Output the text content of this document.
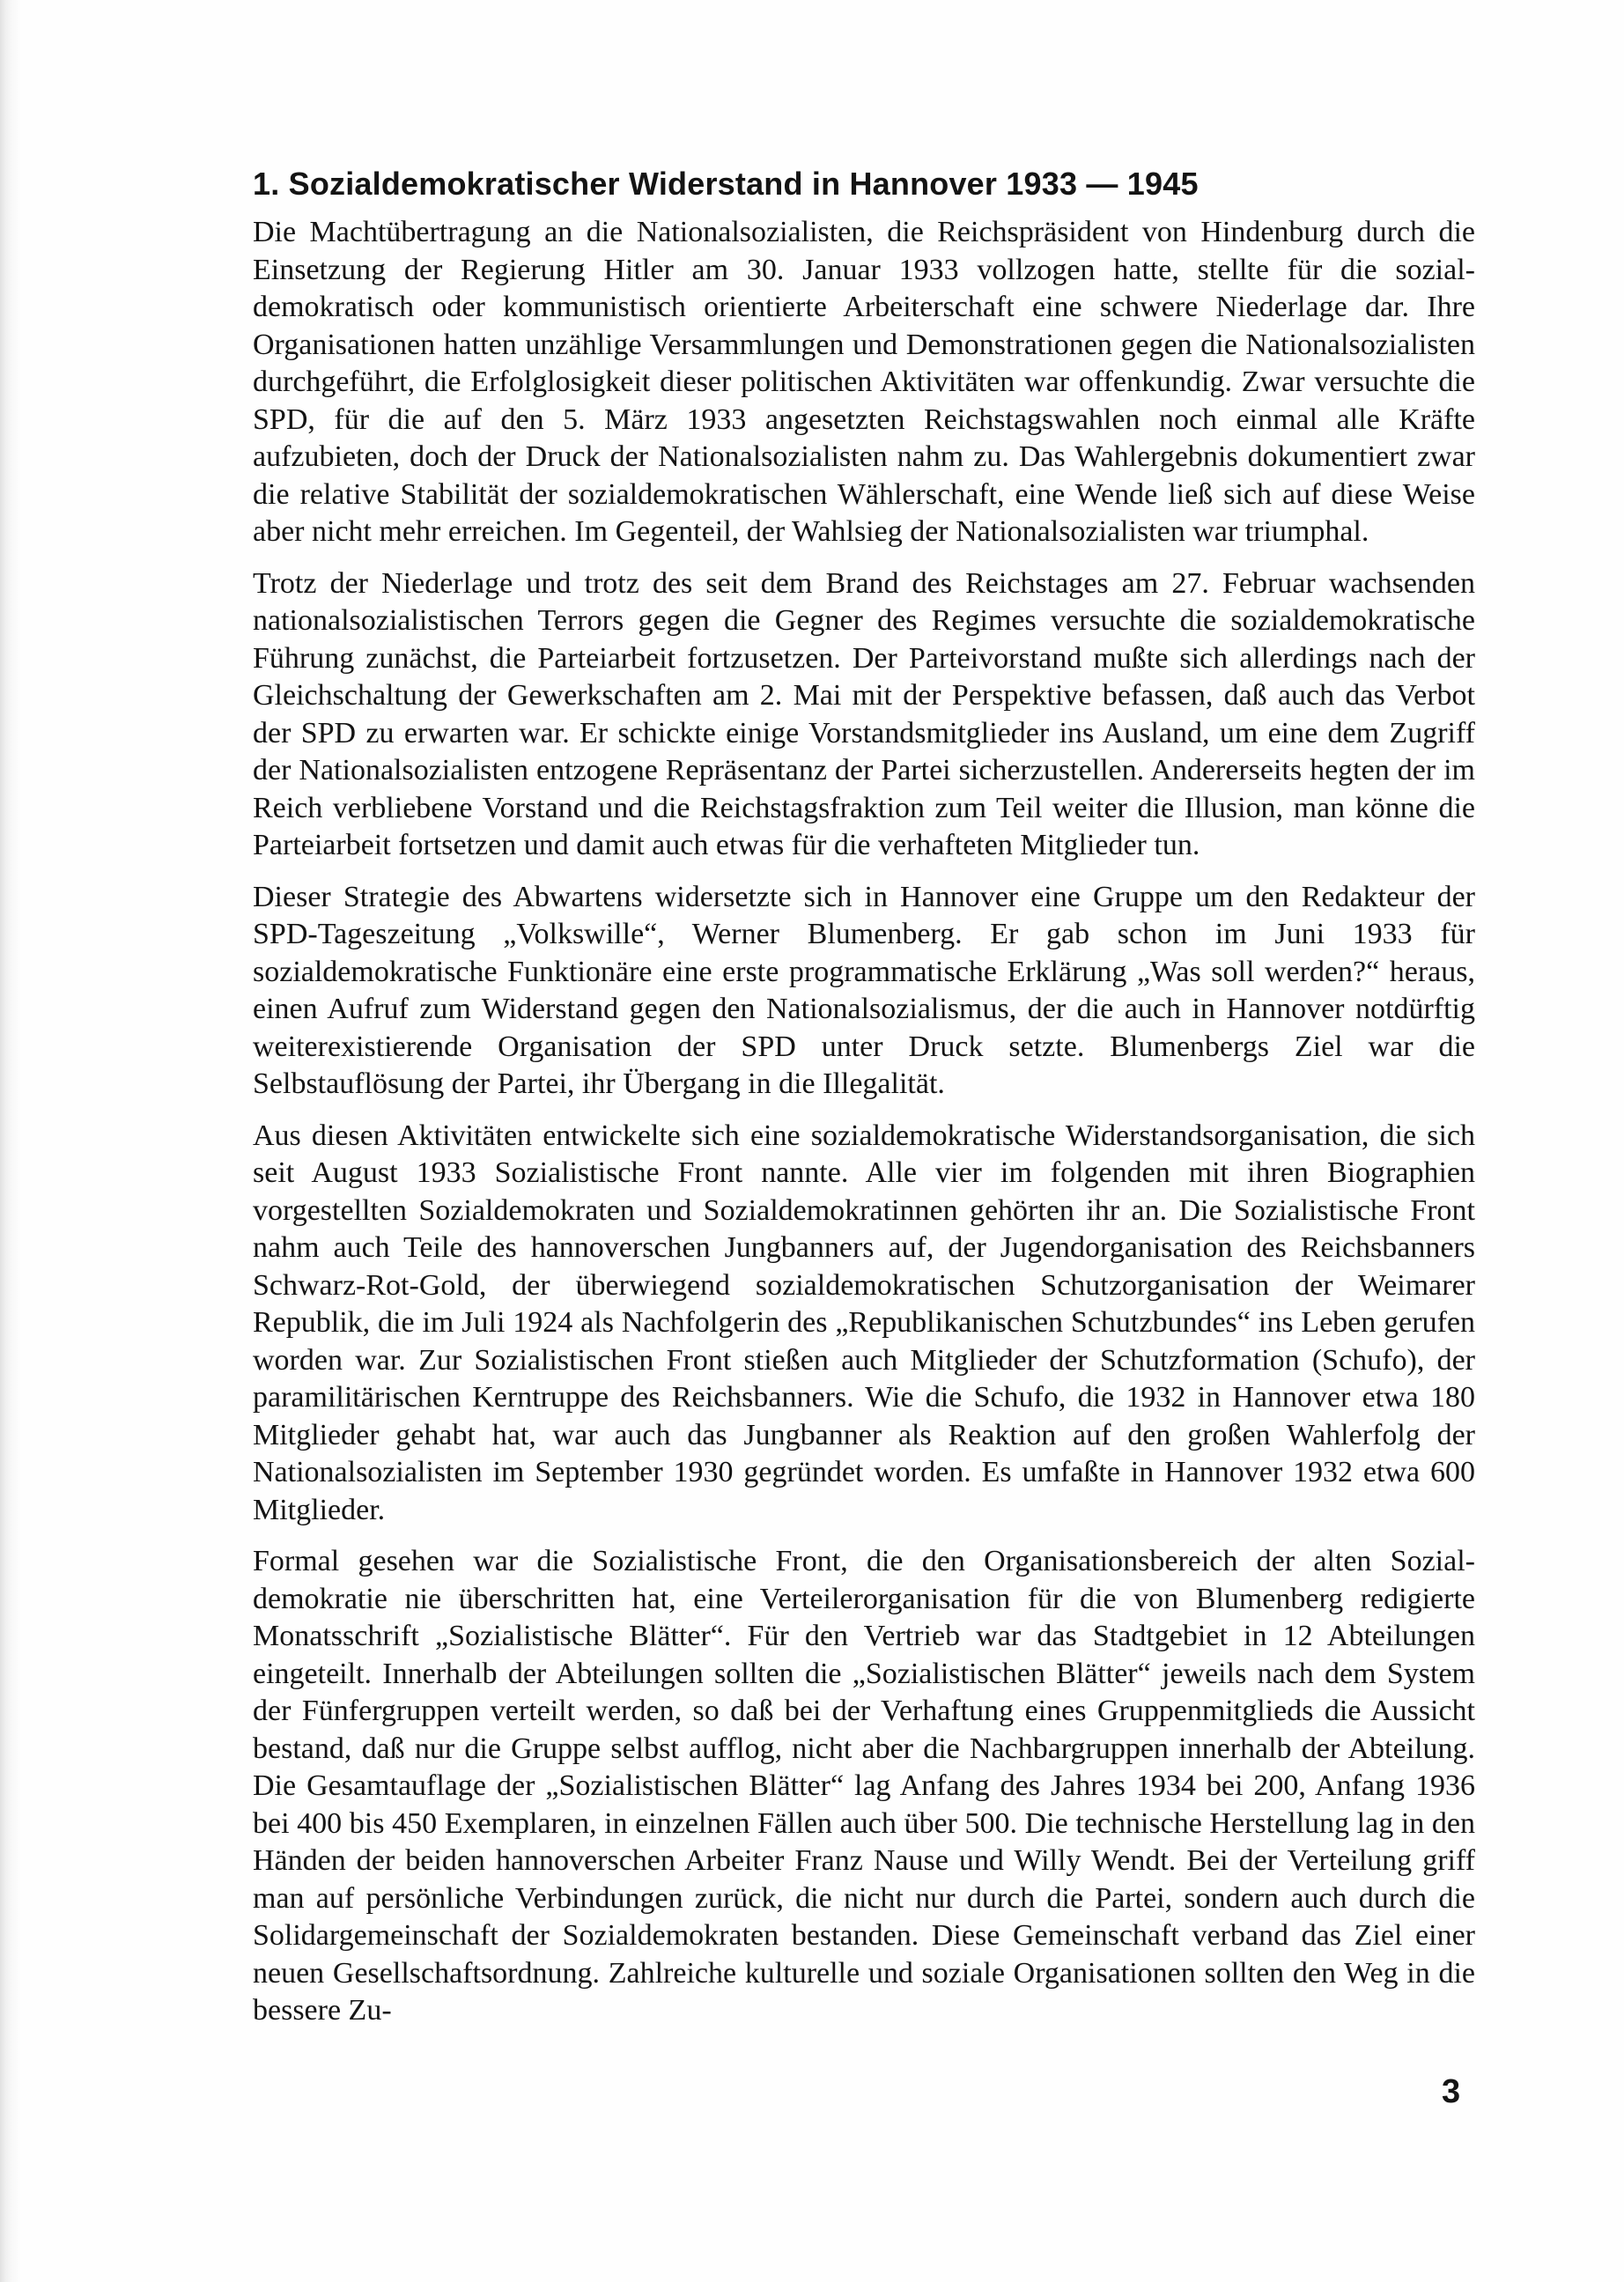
1. Sozialdemokratischer Widerstand in Hannover 1933 — 1945

Die Machtübertragung an die Nationalsozialisten, die Reichspräsident von Hindenburg durch die Einsetzung der Regierung Hitler am 30. Januar 1933 vollzogen hatte, stellte für die sozialdemokratisch oder kommunistisch orientierte Arbeiterschaft eine schwere Niederlage dar. Ihre Organisationen hatten unzählige Versammlungen und Demonstrationen gegen die Nationalsozialisten durchgeführt, die Erfolglosigkeit dieser politischen Aktivitäten war offenkundig. Zwar versuchte die SPD, für die auf den 5. März 1933 angesetzten Reichstagswahlen noch einmal alle Kräfte aufzubieten, doch der Druck der Nationalsozialisten nahm zu. Das Wahlergebnis dokumentiert zwar die relative Stabilität der sozialdemokratischen Wählerschaft, eine Wende ließ sich auf diese Weise aber nicht mehr erreichen. Im Gegenteil, der Wahlsieg der Nationalsozialisten war triumphal.

Trotz der Niederlage und trotz des seit dem Brand des Reichstages am 27. Februar wachsenden nationalsozialistischen Terrors gegen die Gegner des Regimes versuchte die sozialdemokratische Führung zunächst, die Parteiarbeit fortzusetzen. Der Parteivorstand mußte sich allerdings nach der Gleichschaltung der Gewerkschaften am 2. Mai mit der Perspektive befassen, daß auch das Verbot der SPD zu erwarten war. Er schickte einige Vorstandsmitglieder ins Ausland, um eine dem Zugriff der Nationalsozialisten entzogene Repräsentanz der Partei sicherzustellen. Andererseits hegten der im Reich verbliebene Vorstand und die Reichstagsfraktion zum Teil weiter die Illusion, man könne die Parteiarbeit fortsetzen und damit auch etwas für die verhafteten Mitglieder tun.

Dieser Strategie des Abwartens widersetzte sich in Hannover eine Gruppe um den Redakteur der SPD-Tageszeitung „Volkswille“, Werner Blumenberg. Er gab schon im Juni 1933 für sozialdemokratische Funktionäre eine erste programmatische Erklärung „Was soll werden?“ heraus, einen Aufruf zum Widerstand gegen den Nationalsozialismus, der die auch in Hannover notdürftig weiterexistierende Organisation der SPD unter Druck setzte. Blumenbergs Ziel war die Selbstauflösung der Partei, ihr Übergang in die Illegalität.

Aus diesen Aktivitäten entwickelte sich eine sozialdemokratische Widerstandsorganisation, die sich seit August 1933 Sozialistische Front nannte. Alle vier im folgenden mit ihren Biographien vorgestellten Sozialdemokraten und Sozialdemokratinnen gehörten ihr an. Die Sozialistische Front nahm auch Teile des hannoverschen Jungbanners auf, der Jugendorganisation des Reichsbanners Schwarz-Rot-Gold, der überwiegend sozialdemokratischen Schutzorganisation der Weimarer Republik, die im Juli 1924 als Nachfolgerin des „Republikanischen Schutzbundes“ ins Leben gerufen worden war. Zur Sozialistischen Front stießen auch Mitglieder der Schutzformation (Schufo), der paramilitärischen Kerntruppe des Reichsbanners. Wie die Schufo, die 1932 in Hannover etwa 180 Mitglieder gehabt hat, war auch das Jungbanner als Reaktion auf den großen Wahlerfolg der Nationalsozialisten im September 1930 gegründet worden. Es umfaßte in Hannover 1932 etwa 600 Mitglieder.

Formal gesehen war die Sozialistische Front, die den Organisationsbereich der alten Sozialdemokratie nie überschritten hat, eine Verteilerorganisation für die von Blumenberg redigierte Monatsschrift „Sozialistische Blätter“. Für den Vertrieb war das Stadtgebiet in 12 Abteilungen eingeteilt. Innerhalb der Abteilungen sollten die „Sozialistischen Blätter“ jeweils nach dem System der Fünfergruppen verteilt werden, so daß bei der Verhaftung eines Gruppenmitglieds die Aussicht bestand, daß nur die Gruppe selbst aufflog, nicht aber die Nachbargruppen innerhalb der Abteilung. Die Gesamtauflage der „Sozialistischen Blätter“ lag Anfang des Jahres 1934 bei 200, Anfang 1936 bei 400 bis 450 Exemplaren, in einzelnen Fällen auch über 500. Die technische Herstellung lag in den Händen der beiden hannoverschen Arbeiter Franz Nause und Willy Wendt. Bei der Verteilung griff man auf persönliche Verbindungen zurück, die nicht nur durch die Partei, sondern auch durch die Solidargemeinschaft der Sozialdemokraten bestanden. Diese Gemeinschaft verband das Ziel einer neuen Gesellschaftsordnung. Zahlreiche kulturelle und soziale Organisationen sollten den Weg in die bessere Zu-

3
